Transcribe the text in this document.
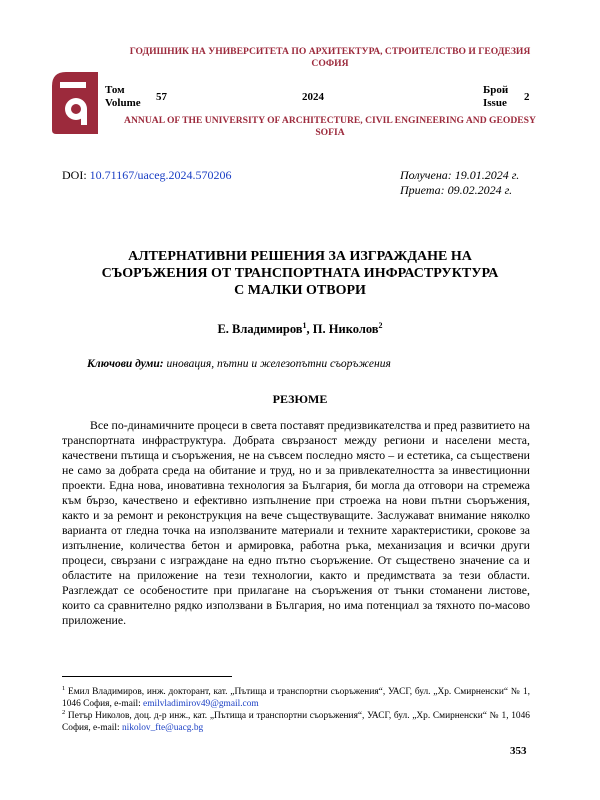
ГОДИШНИК НА УНИВЕРСИТЕТА ПО АРХИТЕКТУРА, СТРОИТЕЛСТВО И ГЕОДЕЗИЯ
СОФИЯ
Том
Volume 57	2024
Брой
Issue 2
ANNUAL OF THE UNIVERSITY OF ARCHITECTURE, CIVIL ENGINEERING AND GEODESY
SOFIA
DOI: 10.71167/uaceg.2024.570206	Получена: 19.01.2024 г.
Приета: 09.02.2024 г.
АЛТЕРНАТИВНИ РЕШЕНИЯ ЗА ИЗГРАЖДАНЕ НА
СЪОРЪЖЕНИЯ ОТ ТРАНСПОРТНАТА ИНФРАСТРУКТУРА
С МАЛКИ ОТВОРИ
Е. Владимиров$^1$, П. Николов$^2$
Ключови думи: иновация, пътни и железопътни съоръжения
РЕЗЮМЕ
Все по-динамичните процеси в света поставят предизвикателства и пред развитието на транспортната инфраструктура. Добрата свързаност между региони и населени места, качествени пътища и съоръжения, не на съвсем последно място – и естетика, са съществени не само за добрата среда на обитание и труд, но и за привлекателността за инвестиционни проекти. Една нова, иновативна технология за България, би могла да отговори на стремежа към бързо, качествено и ефективно изпълнение при строежа на нови пътни съоръжения, както и за ремонт и реконструкция на вече съществуващите. Заслужават внимание няколко варианта от гледна точка на използваните материали и техните характеристики, срокове за изпълнение, количества бетон и армировка, работна ръка, механизация и всички други процеси, свързани с изграждане на едно пътно съоръжение. От съществено значение са и областите на приложение на тези технологии, както и предимствата за тези области. Разглеждат се особеностите при прилагане на съоръжения от тънки стоманени листове, които са сравнително рядко използвани в България, но има потенциал за тяхното по-масово приложение.
$^1$ Емил Владимиров, инж. докторант, кат. „Пътища и транспортни съоръжения“, УАСГ, бул. „Хр. Смирненски“ № 1, 1046 София, e-mail: emilvladimirov49@gmail.com
$^2$ Петър Николов, доц. д-р инж., кат. „Пътища и транспортни съоръжения“, УАСГ, бул. „Хр. Смирненски“ № 1, 1046 София, e-mail: nikolov_fte@uacg.bg
353
